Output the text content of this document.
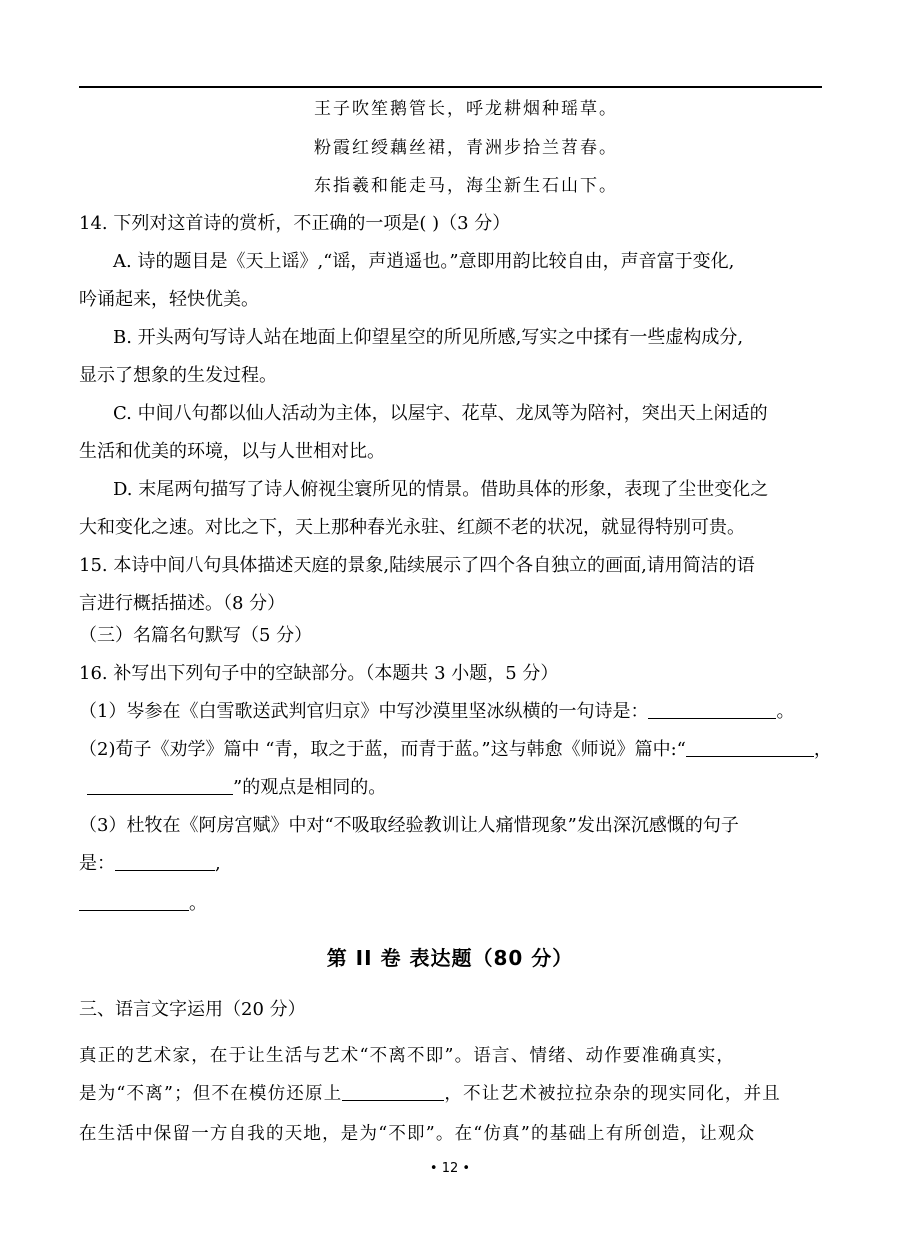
王子吹笙鹅管长，呼龙耕烟种瑶草。
粉霞红绶藕丝裙，青洲步拾兰苕春。
东指羲和能走马，海尘新生石山下。
14. 下列对这首诗的赏析，不正确的一项是( )（3 分）
A. 诗的题目是《天上谣》,“谣，声逍遥也。”意即用韵比较自由，声音富于变化,
吟诵起来，轻快优美。
B. 开头两句写诗人站在地面上仰望星空的所见所感,写实之中揉有一些虚构成分,
显示了想象的生发过程。
C. 中间八句都以仙人活动为主体，以屋宇、花草、龙凤等为陪衬，突出天上闲适的
生活和优美的环境，以与人世相对比。
D. 末尾两句描写了诗人俯视尘寰所见的情景。借助具体的形象，表现了尘世变化之
大和变化之速。对比之下，天上那种春光永驻、红颜不老的状况，就显得特别可贵。
15. 本诗中间八句具体描述天庭的景象,陆续展示了四个各自独立的画面,请用简洁的语
言进行概括描述。（8 分）
（三）名篇名句默写（5 分）
16. 补写出下列句子中的空缺部分。（本题共 3 小题，5 分）
（1）岑参在《白雪歌送武判官归京》中写沙漠里坚冰纵横的一句诗是：	。
（2)荀子《劝学》篇中 “青，取之于蓝，而青于蓝。”这与韩愈《师说》篇中:“	，
”的观点是相同的。
（3）杜牧在《阿房宫赋》中对“不吸取经验教训让人痛惜现象”发出深沉感慨的句子
是：	,
。
第 II 卷 表达题（80 分）
三、语言文字运用（20 分）
真正的艺术家，在于让生活与艺术“不离不即”。语言、情绪、动作要准确真实，
是为“不离”；但不在模仿还原上	，不让艺术被拉拉杂杂的现实同化，并且
在生活中保留一方自我的天地，是为“不即”。在“仿真”的基础上有所创造，让观众
• 12 •
